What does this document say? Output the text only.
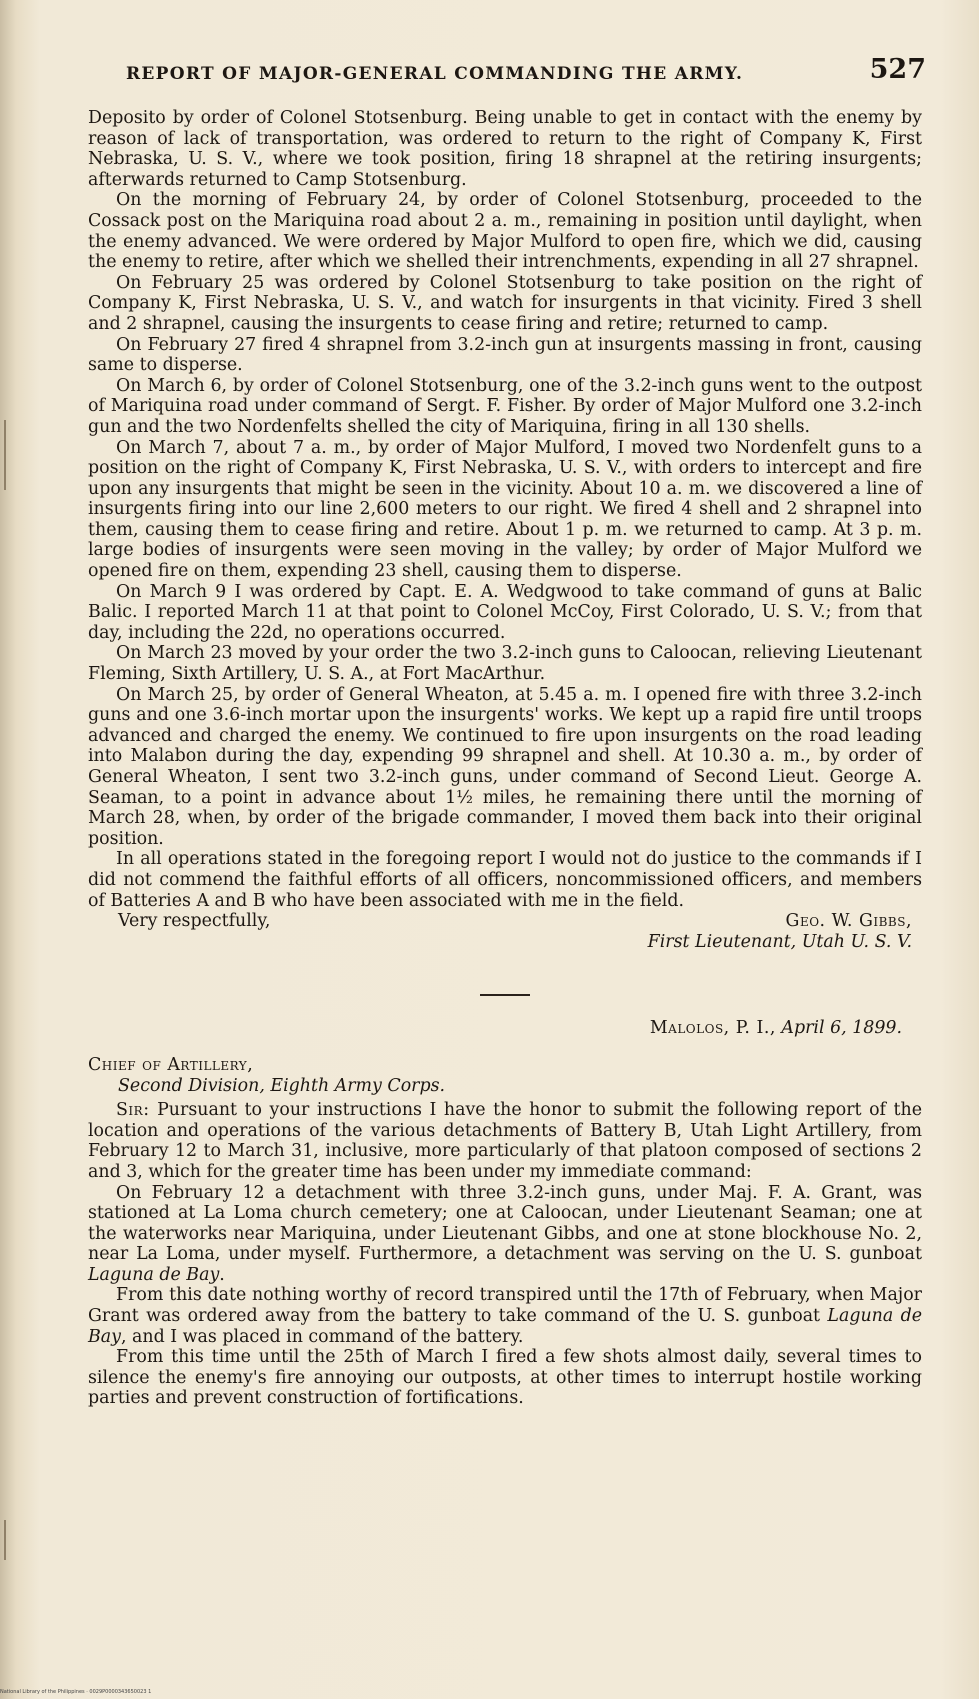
REPORT OF MAJOR-GENERAL COMMANDING THE ARMY.	527

Deposito by order of Colonel Stotsenburg. Being unable to get in contact with the enemy by reason of lack of transportation, was ordered to return to the right of Company K, First Nebraska, U. S. V., where we took position, firing 18 shrapnel at the retiring insurgents; afterwards returned to Camp Stotsenburg.

On the morning of February 24, by order of Colonel Stotsenburg, proceeded to the Cossack post on the Mariquina road about 2 a. m., remaining in position until daylight, when the enemy advanced. We were ordered by Major Mulford to open fire, which we did, causing the enemy to retire, after which we shelled their intrenchments, expending in all 27 shrapnel.

On February 25 was ordered by Colonel Stotsenburg to take position on the right of Company K, First Nebraska, U. S. V., and watch for insurgents in that vicinity. Fired 3 shell and 2 shrapnel, causing the insurgents to cease firing and retire; returned to camp.

On February 27 fired 4 shrapnel from 3.2-inch gun at insurgents massing in front, causing same to disperse.

On March 6, by order of Colonel Stotsenburg, one of the 3.2-inch guns went to the outpost of Mariquina road under command of Sergt. F. Fisher. By order of Major Mulford one 3.2-inch gun and the two Nordenfelts shelled the city of Mariquina, firing in all 130 shells.

On March 7, about 7 a. m., by order of Major Mulford, I moved two Nordenfelt guns to a position on the right of Company K, First Nebraska, U. S. V., with orders to intercept and fire upon any insurgents that might be seen in the vicinity. About 10 a. m. we discovered a line of insurgents firing into our line 2,600 meters to our right. We fired 4 shell and 2 shrapnel into them, causing them to cease firing and retire. About 1 p. m. we returned to camp. At 3 p. m. large bodies of insurgents were seen moving in the valley; by order of Major Mulford we opened fire on them, expending 23 shell, causing them to disperse.

On March 9 I was ordered by Capt. E. A. Wedgwood to take command of guns at Balic Balic. I reported March 11 at that point to Colonel McCoy, First Colorado, U. S. V.; from that day, including the 22d, no operations occurred.

On March 23 moved by your order the two 3.2-inch guns to Caloocan, relieving Lieutenant Fleming, Sixth Artillery, U. S. A., at Fort MacArthur.

On March 25, by order of General Wheaton, at 5.45 a. m. I opened fire with three 3.2-inch guns and one 3.6-inch mortar upon the insurgents' works. We kept up a rapid fire until troops advanced and charged the enemy. We continued to fire upon insurgents on the road leading into Malabon during the day, expending 99 shrapnel and shell. At 10.30 a. m., by order of General Wheaton, I sent two 3.2-inch guns, under command of Second Lieut. George A. Seaman, to a point in advance about 1½ miles, he remaining there until the morning of March 28, when, by order of the brigade commander, I moved them back into their original position.

In all operations stated in the foregoing report I would not do justice to the commands if I did not commend the faithful efforts of all officers, noncommissioned officers, and members of Batteries A and B who have been associated with me in the field.

Very respectfully,	Geo. W. Gibbs,
First Lieutenant, Utah U. S. V.
Malolos, P. I., April 6, 1899.
Chief of Artillery,
Second Division, Eighth Army Corps.

Sir: Pursuant to your instructions I have the honor to submit the following report of the location and operations of the various detachments of Battery B, Utah Light Artillery, from February 12 to March 31, inclusive, more particularly of that platoon composed of sections 2 and 3, which for the greater time has been under my immediate command:

On February 12 a detachment with three 3.2-inch guns, under Maj. F. A. Grant, was stationed at La Loma church cemetery; one at Caloocan, under Lieutenant Seaman; one at the waterworks near Mariquina, under Lieutenant Gibbs, and one at stone blockhouse No. 2, near La Loma, under myself. Furthermore, a detachment was serving on the U. S. gunboat Laguna de Bay.

From this date nothing worthy of record transpired until the 17th of February, when Major Grant was ordered away from the battery to take command of the U. S. gunboat Laguna de Bay, and I was placed in command of the battery.

From this time until the 25th of March I fired a few shots almost daily, several times to silence the enemy's fire annoying our outposts, at other times to interrupt hostile working parties and prevent construction of fortifications.

National Library of the Philippines · 0029P0000343650023 1
